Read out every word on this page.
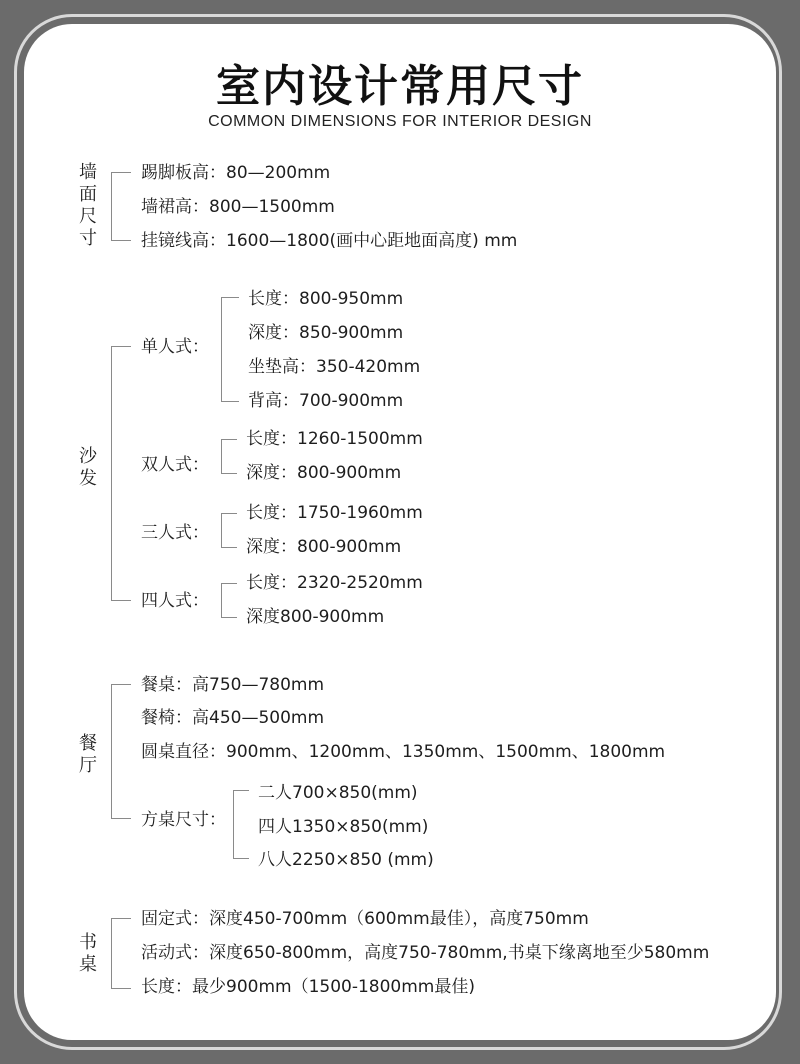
室内设计常用尺寸
COMMON DIMENSIONS FOR INTERIOR DESIGN
墙
面
尺
寸
踢脚板高：80—200mm
墙裙高：800—1500mm
挂镜线高：1600—1800(画中心距地面高度) mm
沙
发
单人式：
长度：800-950mm
深度：850-900mm
坐垫高：350-420mm
背高：700-900mm
双人式：
长度：1260-1500mm
深度：800-900mm
三人式：
长度：1750-1960mm
深度：800-900mm
四人式：
长度：2320-2520mm
深度800-900mm
餐
厅
餐桌：高750—780mm
餐椅：高450—500mm
圆桌直径：900mm、1200mm、1350mm、1500mm、1800mm
方桌尺寸：
二人700×850(mm)
四人1350×850(mm)
八人2250×850 (mm)
书
桌
固定式：深度450-700mm（600mm最佳），高度750mm
活动式：深度650-800mm，高度750-780mm,书桌下缘离地至少580mm
长度：最少900mm（1500-1800mm最佳)
